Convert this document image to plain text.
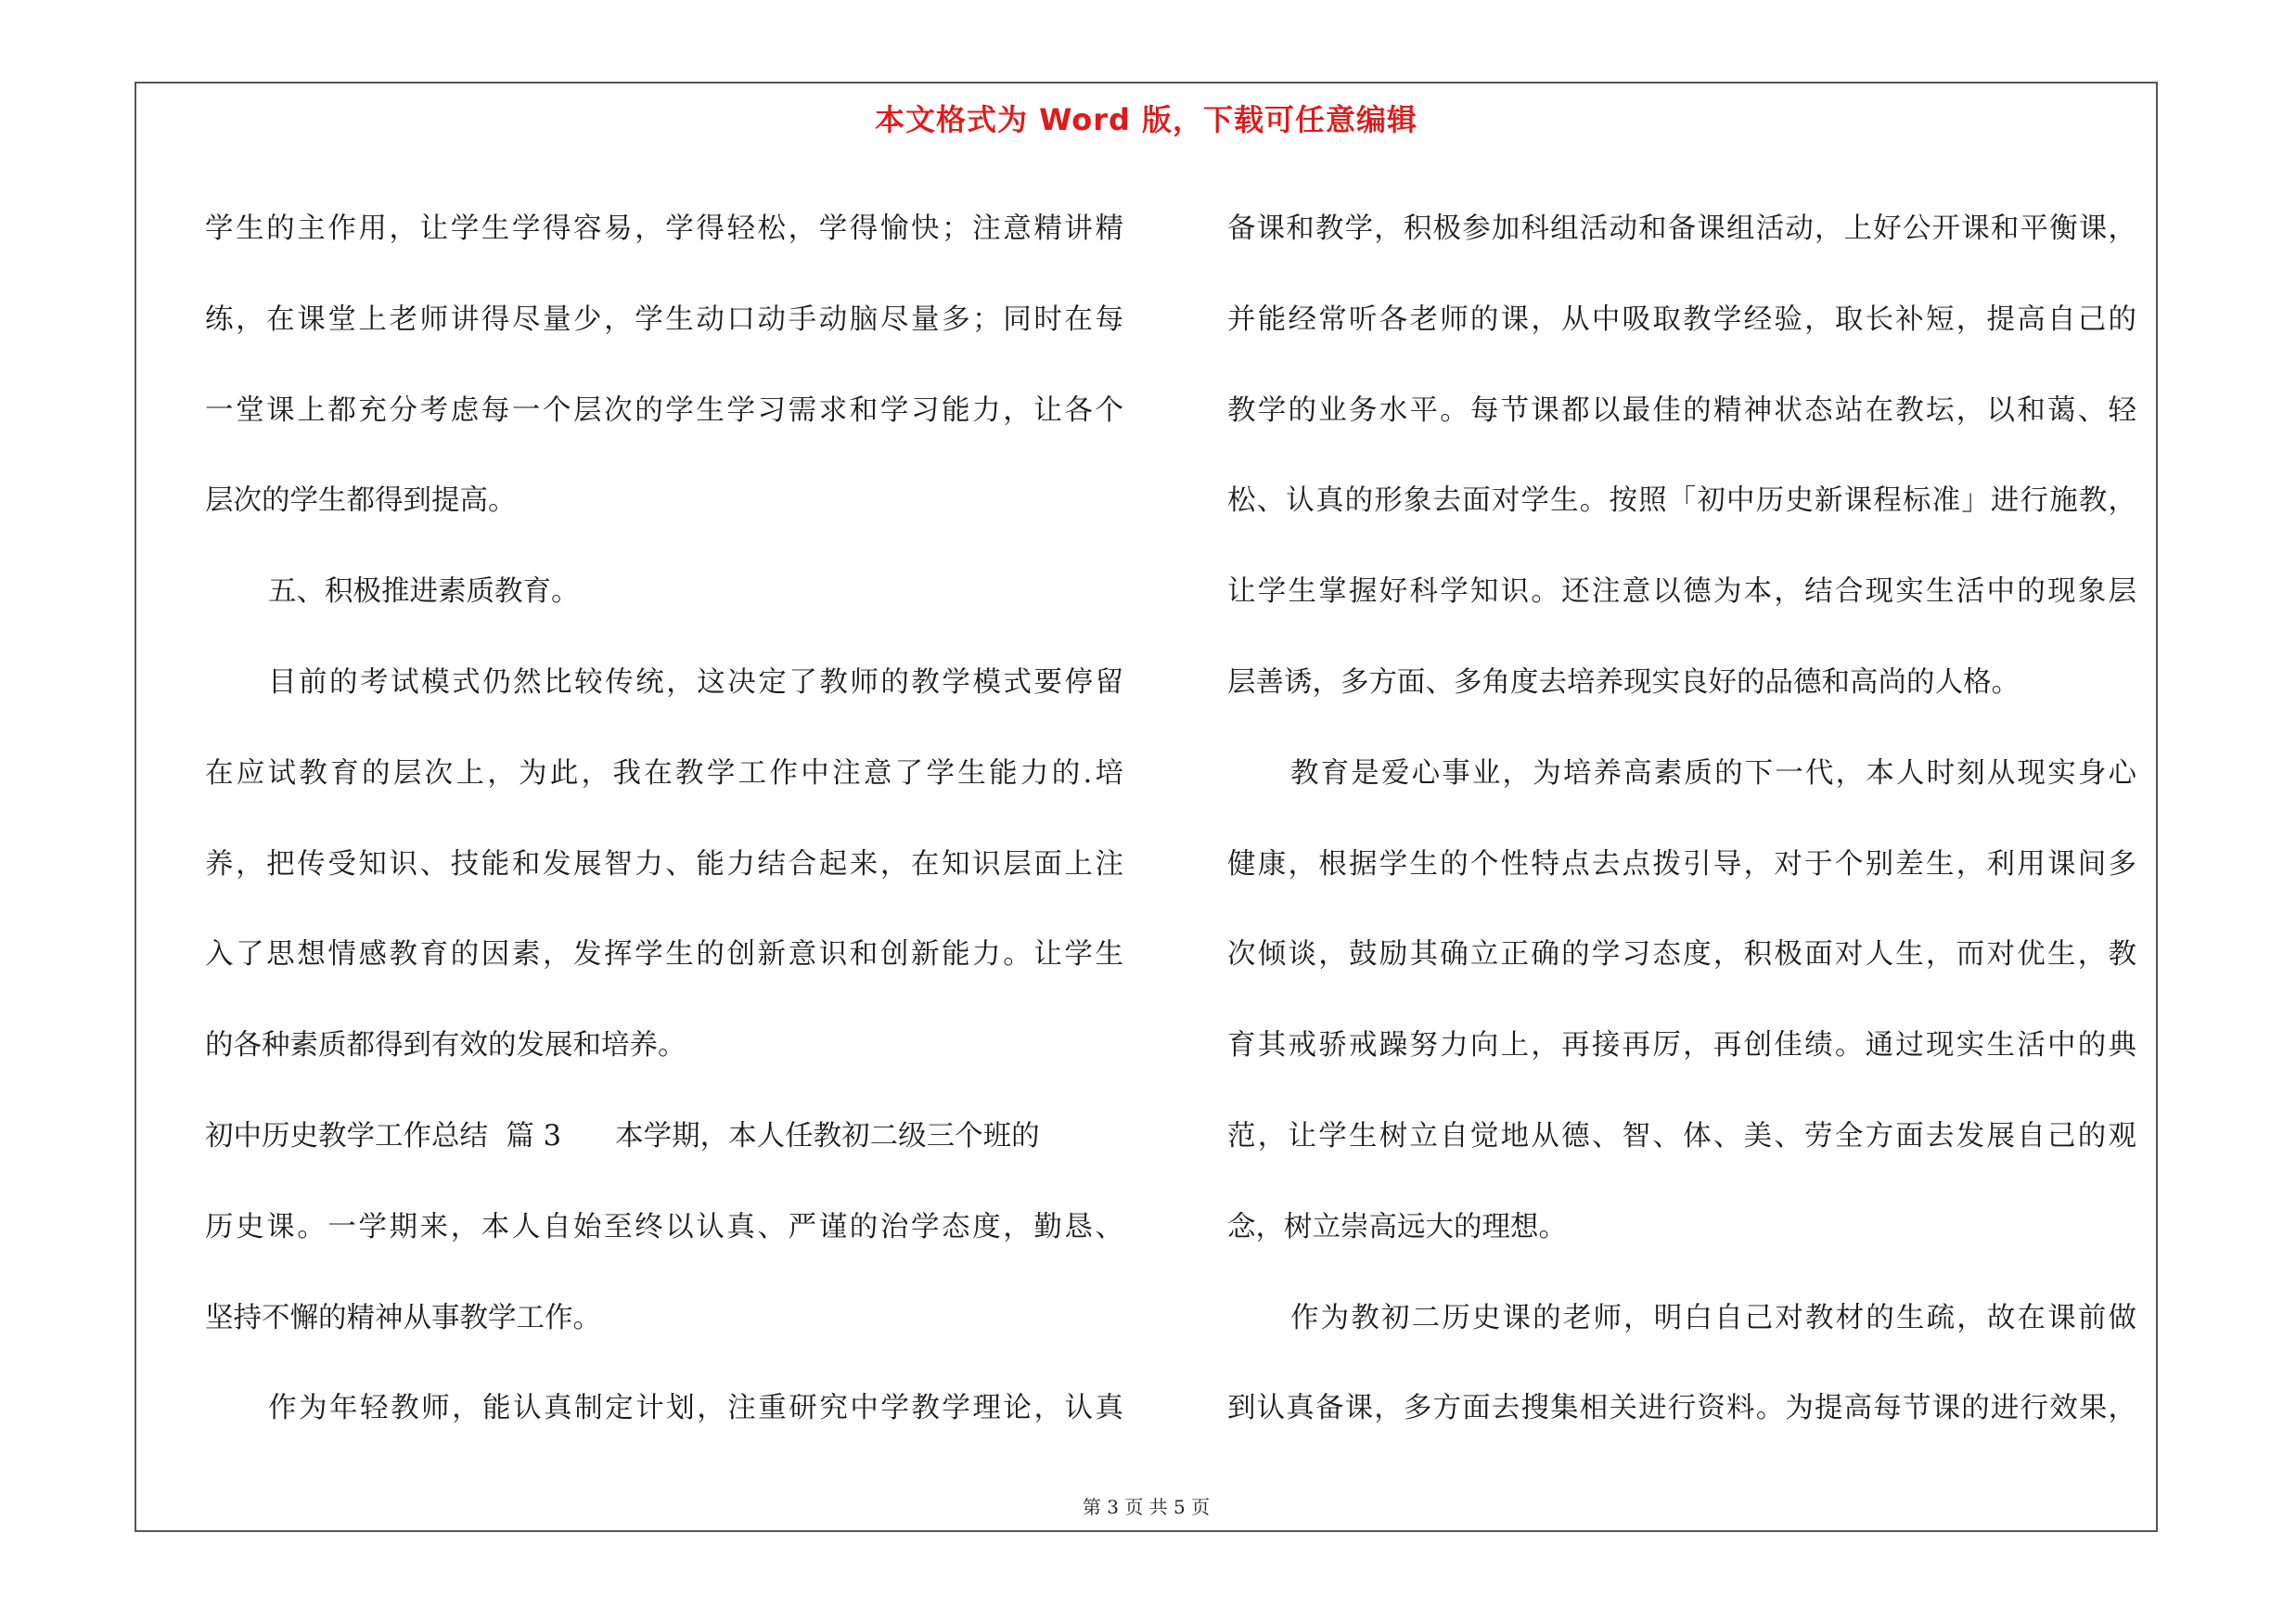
本文格式为 Word 版，下载可任意编辑
学生的主作用，让学生学得容易，学得轻松，学得愉快；注意精讲精
练，在课堂上老师讲得尽量少，学生动口动手动脑尽量多；同时在每
一堂课上都充分考虑每一个层次的学生学习需求和学习能力，让各个
层次的学生都得到提高。
五、积极推进素质教育。
目前的考试模式仍然比较传统，这决定了教师的教学模式要停留
在应试教育的层次上，为此，我在教学工作中注意了学生能力的.培
养，把传受知识、技能和发展智力、能力结合起来，在知识层面上注
入了思想情感教育的因素，发挥学生的创新意识和创新能力。让学生
的各种素质都得到有效的发展和培养。
初中历史教学工作总结  篇 3      本学期，本人任教初二级三个班的
历史课。一学期来，本人自始至终以认真、严谨的治学态度，勤恳、
坚持不懈的精神从事教学工作。
作为年轻教师，能认真制定计划，注重研究中学教学理论，认真
备课和教学，积极参加科组活动和备课组活动，上好公开课和平衡课，
并能经常听各老师的课，从中吸取教学经验，取长补短，提高自己的
教学的业务水平。每节课都以最佳的精神状态站在教坛，以和蔼、轻
松、认真的形象去面对学生。按照「初中历史新课程标准」进行施教，
让学生掌握好科学知识。还注意以德为本，结合现实生活中的现象层
层善诱，多方面、多角度去培养现实良好的品德和高尚的人格。
教育是爱心事业，为培养高素质的下一代，本人时刻从现实身心
健康，根据学生的个性特点去点拨引导，对于个别差生，利用课间多
次倾谈，鼓励其确立正确的学习态度，积极面对人生，而对优生，教
育其戒骄戒躁努力向上，再接再厉，再创佳绩。通过现实生活中的典
范，让学生树立自觉地从德、智、体、美、劳全方面去发展自己的观
念，树立崇高远大的理想。
作为教初二历史课的老师，明白自己对教材的生疏，故在课前做
到认真备课，多方面去搜集相关进行资料。为提高每节课的进行效果，
第 3 页 共 5 页
